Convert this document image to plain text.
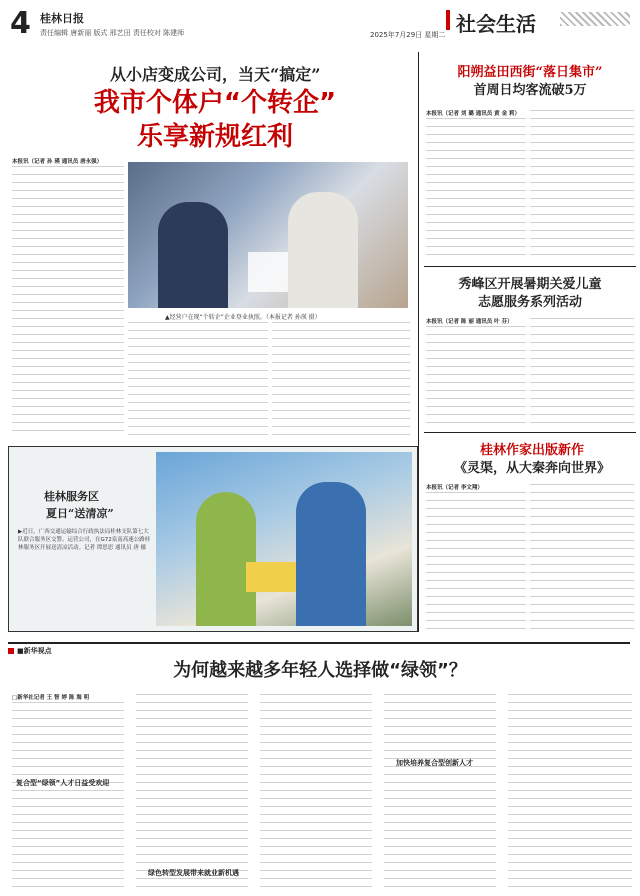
4 桂林日报
责任编辑 唐新丽 版式 邢艺田 责任校对 陈建师	2025年7月29日 星期二 社会生活
从小店变成公司，当天“搞定”
我市个体户“个转企”
乐享新规红利
本报讯（记者 孙 瑛 通讯员 唐永强）
▲经营户在现“个转企”企业登业执照。（本报记者 孙瑛 摄）
阳朔益田西街“落日集市”
首周日均客流破5万
本报讯（记者 刘 璐 通讯员 黄 金 莉）
秀峰区开展暑期关爱儿童
志愿服务系列活动
本报讯（记者 陈 丽 通讯员 叶 芬）
桂林作家出版新作
《灵渠，从大秦奔向世界》
本报讯（记者 李文翔）
桂林服务区
夏日“送清凉”
▶近日，广西交通运输综合行政执法局桂林支队第七大队联合服务区交警、运营公司，在G72泉南高速公路桂林服务区开展送清凉活动。记者 谭思思 通讯员 唐 摄
■新华视点
为何越来越多年轻人选择做“绿领”？
□新华社记者 王 智 婷 陈 海 明
复合型“绿领”人才日益受欢迎
绿色转型发展带来就业新机遇
加快培养复合型创新人才
